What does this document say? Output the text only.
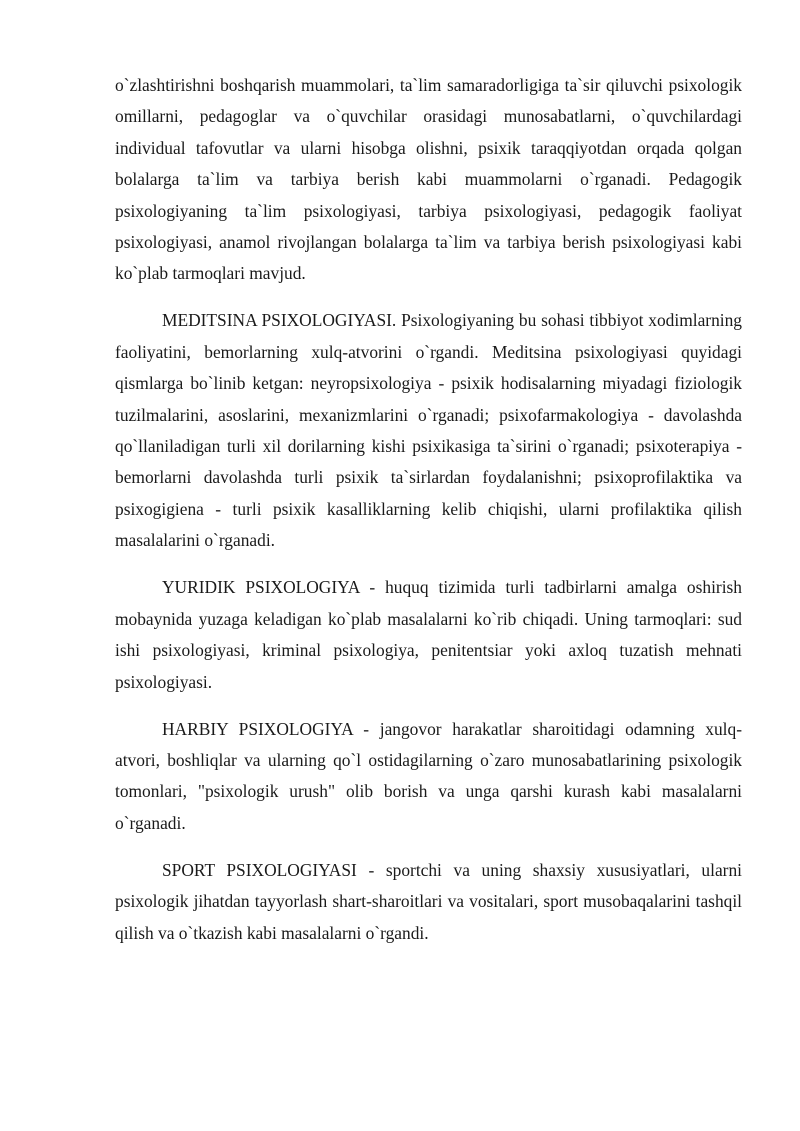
o`zlashtirishni boshqarish muammolari, ta`lim samaradorligiga ta`sir qiluvchi psixologik omillarni, pedagoglar va o`quvchilar orasidagi munosabatlarni, o`quvchilardagi individual tafovutlar va ularni hisobga olishni, psixik taraqqiyotdan orqada qolgan bolalarga ta`lim va tarbiya berish kabi muammolarni o`rganadi. Pedagogik psixologiyaning ta`lim psixologiyasi, tarbiya psixologiyasi, pedagogik faoliyat psixologiyasi, anamol rivojlangan bolalarga ta`lim va tarbiya berish psixologiyasi kabi ko`plab tarmoqlari mavjud.

MEDITSINA PSIXOLOGIYASI. Psixologiyaning bu sohasi tibbiyot xodimlarning faoliyatini, bemorlarning xulq-atvorini o`rgandi. Meditsina psixologiyasi quyidagi qismlarga bo`linib ketgan: neyropsixologiya - psixik hodisalarning miyadagi fiziologik tuzilmalarini, asoslarini, mexanizmlarini o`rganadi; psixofarmakologiya - davolashda qo`llaniladigan turli xil dorilarning kishi psixikasiga ta`sirini o`rganadi; psixoterapiya - bemorlarni davolashda turli psixik ta`sirlardan foydalanishni; psixoprofilaktika va psixogigiena - turli psixik kasalliklarning kelib chiqishi, ularni profilaktika qilish masalalarini o`rganadi.

YURIDIK PSIXOLOGIYA - huquq tizimida turli tadbirlarni amalga oshirish mobaynida yuzaga keladigan ko`plab masalalarni ko`rib chiqadi. Uning tarmoqlari: sud ishi psixologiyasi, kriminal psixologiya, penitentsiar yoki axloq tuzatish mehnati psixologiyasi.

HARBIY PSIXOLOGIYA - jangovor harakatlar sharoitidagi odamning xulq-atvori, boshliqlar va ularning qo`l ostidagilarning o`zaro munosabatlarining psixologik tomonlari, "psixologik urush" olib borish va unga qarshi kurash kabi masalalarni o`rganadi.

SPORT PSIXOLOGIYASI - sportchi va uning shaxsiy xususiyatlari, ularni psixologik jihatdan tayyorlash shart-sharoitlari va vositalari, sport musobaqalarini tashqil qilish va o`tkazish kabi masalalarni o`rgandi.
